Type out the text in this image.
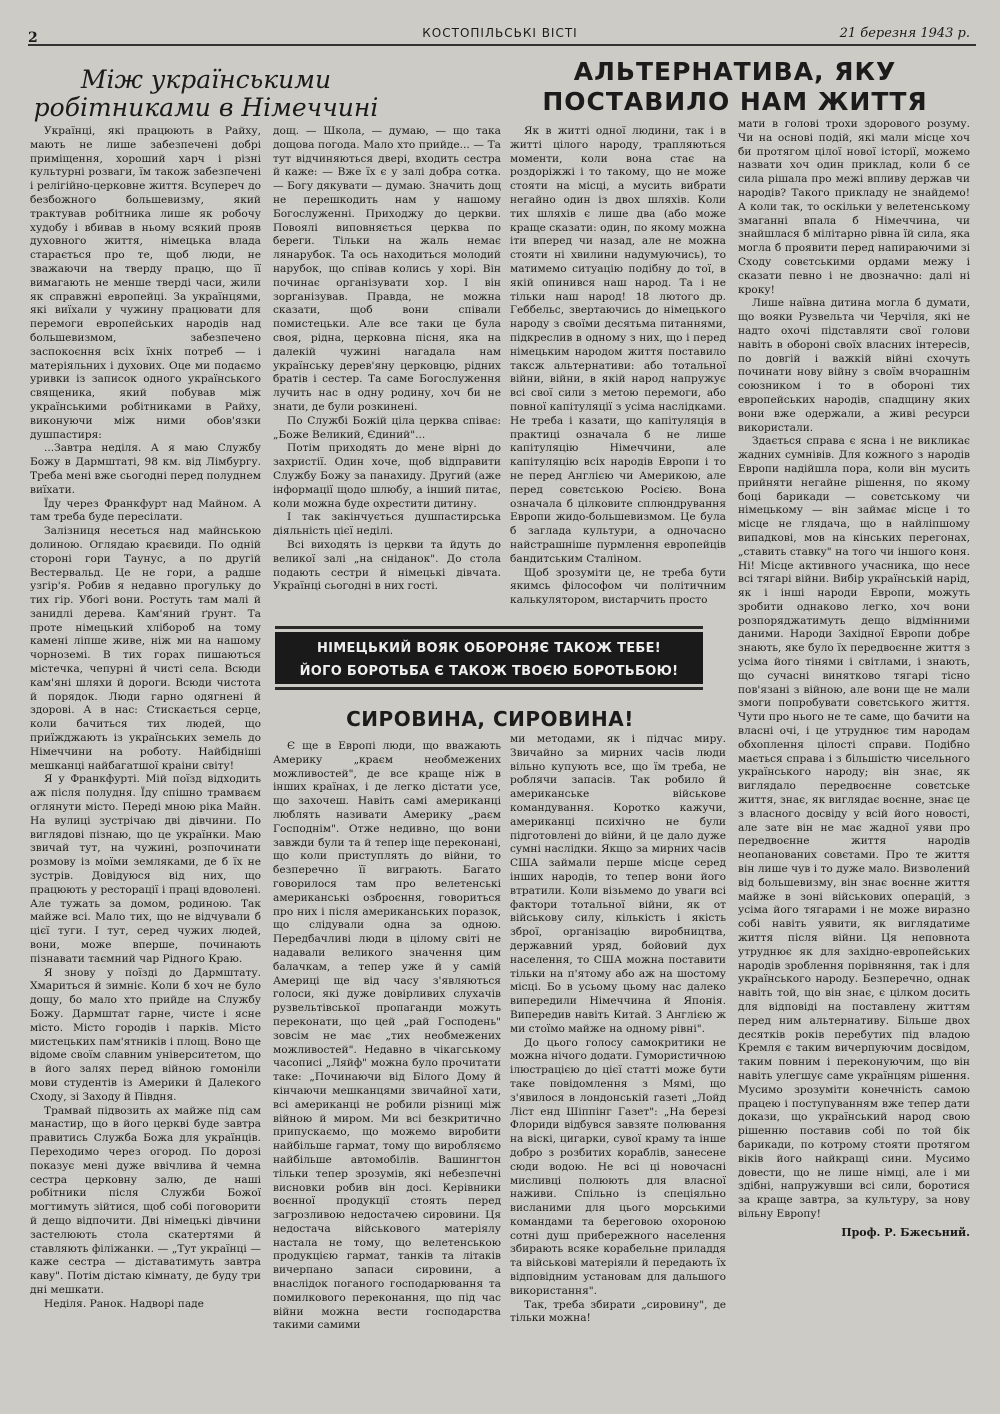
2	КОСТОПІЛЬСЬКІ ВІСТІ	21 березня 1943 р.
Між українськими робітниками в Німеччині
АЛЬТЕРНАТИВА, ЯКУ ПОСТАВИЛО НАМ ЖИТТЯ

Українці, які працюють в Райху, мають не лише забезпечені добрі приміщення, хороший харч і різні культурні розваги, їм також забезпечені і релігійно-церковне життя. Всупереч до безбожного большевизму, який трактував робітника лише як робочу худобу і вбивав в ньому всякий прояв духовного життя, німецька влада старається про те, щоб люди, не зважаючи на тверду працю, що її вимагають не менше тверді часи, жили як справжні европейці. За українцями, які виїхали у чужину працювати для перемоги европейських народів над большевизмом, забезпечено заспокоєння всіх їхніх потреб — і матеріяльних і духових. Оце ми подаємо уривки із записок одного українського священика, який побував між українськими робітниками в Райху, виконуючи між ними обов'язки душпастиря:

...Завтра неділя. А я маю Службу Божу в Дармштаті, 98 км. від Лімбургу. Треба мені вже сьогодні перед полуднем виїхати.

Їду через Франкфурт над Майном. А там треба буде пересілати.

Залізниця несеться над майнською долиною. Оглядаю краєвиди. По одній стороні гори Таунус, а по другій Вестервальд. Це не гори, а радше узгір'я. Робив я недавно прогульку до тих гір. Убогі вони. Ростуть там малі й занидлі дерева. Кам'яний ґрунт. Та проте німецький хлібороб на тому камені ліпше живе, ніж ми на нашому чорноземі. В тих горах пишаються містечка, чепурні й чисті села. Всюди кам'яні шляхи й дороги. Всюди чистота й порядок. Люди гарно одягнені й здорові. А в нас: Стискається серце, коли бачиться тих людей, що приїжджають із українських земель до Німеччини на роботу. Найбідніші мешканці найбагатшої краіни світу!

Я у Франкфурті. Мій поїзд відходить аж після полудня. Їду спішно трамваєм оглянути місто. Переді мною ріка Майн. На вулиці зустрічаю дві дівчини. По виглядові пізнаю, що це українки. Маю звичай тут, на чужині, розпочинати розмову із моїми земляками, де б їх не зустрів. Довідуюся від них, що працюють у ресторації і праці вдоволені. Але тужать за домом, родиною. Так майже всі. Мало тих, що не відчували б цієї туги. І тут, серед чужих людей, вони, може вперше, починають пізнавати таємний чар Рідного Краю.

Я знову у поїзді до Дармштату. Хмариться й зимніє. Коли б хоч не було дощу, бо мало хто прийде на Службу Божу. Дармштат гарне, чисте і ясне місто. Місто городів і парків. Місто мистецьких пам'ятників і площ. Воно ще відоме своїм славним університетом, що в його залях перед війною гомоніли мови студентів із Америки й Далекого Сходу, зі Заходу й Півдня.

Трамвай підвозить ах майже під сам манастир, що в його церкві буде завтра правитись Служба Божа для українців. Переходимо через огород. По дорозі показує мені дуже ввічлива й чемна сестра церковну залю, де наші робітники після Служби Божої могтимуть зійтися, щоб собі поговорити й дещо відпочити. Дві німецькі дівчини застелюють стола скатертями й ставляють філіжанки. — „Тут українці — каже сестра — діставатимуть завтра каву". Потім дістаю кімнату, де буду три дні мешкати.

Неділя. Ранок. Надворі паде

дощ. — Школа, — думаю, — що така дощова погода. Мало хто прийде... — Та тут відчиняються двері, входить сестра й каже: — Вже їх є у залі добра сотка. — Богу дякувати — думаю. Значить дощ не перешкодить нам у нашому Богослуженні. Приходжу до церкви. Повоялі виповняється церква по береги. Тільки на жаль немає лянарубок. Та ось находиться молодий нарубок, що співав колись у хорі. Він починає організувати хор. І він зорганізував. Правда, не можна сказати, щоб вони співали помистецьки. Але все таки це була своя, рідна, церковна пісня, яка на далекій чужині нагадала нам українську дерев'яну церковцю, рідних братів і сестер. Та саме Богослуження лучить нас в одну родину, хоч би не знати, де були розкинені.

По Службі Божій ціла церква співає: „Боже Великий, Єдиний"...

Потім приходять до мене вірні до захристії. Один хоче, щоб відправити Службу Божу за панахиду. Другий (аже інформації щодо шлюбу, а інший питає, коли можна буде охрестити дитину.

І так закінчується душпастирська діяльність цієї неділі.

Всі виходять із церкви та йдуть до великої залі „на сніданок". До стола подають сестри й німецькі дівчата. Українці сьогодні в них гості.

Як в житті одної людини, так і в житті цілого народу, трапляються моменти, коли вона стає на роздоріжжі і то такому, що не може стояти на місці, а мусить вибрати негайно один із двох шляхів. Коли тих шляхів є лише два (або може краще сказати: один, по якому можна іти вперед чи назад, але не можна стояти ні хвилини надумуючись), то матимемо ситуацію подібну до тої, в якій опинився наш народ. Та і не тільки наш народ! 18 лютого др. Геббельс, звертаючись до німецького народу з своїми десятьма питаннями, підкреслив в одному з них, що і перед німецьким народом життя поставило таксж альтернативи: або тотальної війни, війни, в якій народ напружує всі свої сили з метою перемоги, або повної капітуляції з усіма наслідками. Не треба і казати, що капітуляція в практиці означала б не лише капітуляцію Німеччини, але капітуляцію всіх народів Европи і то не перед Англією чи Америкою, але перед совєтською Росією. Вона означала б цілковите сплюндрування Европи жидо-большевизмом. Це була б заглада культури, а одночасно найстрашніше пурмлення европейців бандитським Сталіном.

Щоб зрозуміти це, не треба бути якимсь філософом чи політичним калькулятором, вистарчить просто

мати в голові трохи здорового розуму. Чи на основі подій, які мали місце хоч би протягом цілої нової історії, можемо назвати хоч один приклад, коли б се сила рішала про межі впливу держав чи народів? Такого прикладу не знайдемо! А коли так, то оскільки у велетенському змаганні впала б Німеччина, чи знайшлася б мілітарно рівна їй сила, яка могла б проявити перед напираючими зі Сходу совєтськими ордами межу і сказати певно і не двозначно: далі ні кроку!

Лише наївна дитина могла б думати, що вояки Рузвельта чи Черчіля, які не надто охочі підставляти свої голови навіть в обороні своїх власних інтересів, по довгій і важкій війні схочуть починати нову війну з своїм вчорашнім союзником і то в обороні тих европейських народів, спадщину яких вони вже одержали, а живі ресурси використали.

Здається справа є ясна і не викликає жадних сумнівів. Для кожного з народів Европи надійшла пора, коли він мусить прийняти негайне рішення, по якому боці барикади — совєтському чи німецькому — він займає місце і то місце не глядача, що в найліпшому випадкові, мов на кінських перегонах, „ставить ставку" на того чи іншого коня. Ні! Місце активного учасника, що несе всі тягарі війни. Вибір українській нарід, як і інші народи Европи, можуть зробити однаково легко, хоч вони розпоряджатимуть дещо відмінними даними. Народи Західної Европи добре знають, яке було їх передвоєнне життя з усіма його тінями і світлами, і знають, що сучасні винятково тягарі тісно пов'язані з війною, але вони ще не мали змоги попробувати совєтського життя. Чути про нього не те саме, що бачити на власні очі, і це утруднює тим народам обхоплення цілості справи. Подібно мається справа і з більшістю чисельного українського народу; він знає, як виглядало передвоєнне совєтське життя, знає, як виглядає воєнне, знає це з власного досвіду у всій його новості, але зате він не має жадної уяви про передвоєнне життя народів неопанованих совєтами. Про те життя він лише чув і то дуже мало. Визволений від большевизму, він знає воєнне життя майже в зоні військових операцій, з усіма його тягарами і не може виразно собі навіть уявити, як виглядатиме життя після війни. Ця неповнота утруднює як для західно-европейських народів зроблення порівняння, так і для українського народу. Безперечно, однак навіть той, що він знає, є цілком досить для відповіді на поставлену життям перед ним альтернативу. Більше двох десятків років перебутих під владою Кремля є таким вичерпуючим досвідом, таким повним і переконуючим, що він навіть улегшує саме українцям рішення. Мусимо зрозуміти конечність самою працею і поступуванням вже тепер дати докази, що український народ свою рішенню поставив собі по той бік барикади, по котрому стояти протягом віків його найкращі сини. Мусимо довести, що не лише німці, але і ми здібні, напружувши всі сили, боротися за краще завтра, за культуру, за нову вільну Европу!

Проф. Р. Бжесьний.
НІМЕЦЬКИЙ ВОЯК ОБОРОНЯЄ ТАКОЖ ТЕБЕ!
ЙОГО БОРОТЬБА Є ТАКОЖ ТВОЄЮ БОРОТЬБОЮ!
СИРОВИНА, СИРОВИНА!

Є ще в Европі люди, що вважають Америку „краєм необмежених можливостей", де все краще ніж в інших країнах, і де легко дістати усе, що захочеш. Навіть самі американці люблять називати Америку „раєм Господнім". Отже недивно, що вони завжди були та й тепер іще переконані, що коли приступлять до війни, то безперечно її виграють. Багато говорилося там про велетенські американські озброєння, говориться про них і після американських поразок, що слідували одна за одною. Передбачливі люди в цілому світі не надавали великого значення цим балачкам, а тепер уже й у самій Америці ще від часу з'являються голоси, які дуже довірливих слухачів рузвельтівської пропаганди можуть переконати, що цей „рай Господень" зовсім не має „тих необмежених можливостей". Недавно в чікагському часописі „Ляйф" можна було прочитати таке: „Починаючи від Білого Дому й кінчаючи мешканцями звичайної хати, всі американці не робили різниці між війною й миром. Ми всі безкритично припускаємо, що можемо виробити найбільше гармат, тому що виробляємо найбільше автомобілів. Вашингтон тільки тепер зрозумів, які небезпечні висновки робив він досі. Керівники воєнної продукції стоять перед загрозливою недостачею сировини. Ця недостача військового матеріялу настала не тому, що велетенською продукцією гармат, танків та літаків вичерпано запаси сировини, а внаслідок поганого господарювання та помилкового переконання, що під час війни можна вести господарства такими самими

ми методами, як і підчас миру. Звичайно за мирних часів люди вільно купують все, що їм треба, не роблячи запасів. Так робило й американське військове командування. Коротко кажучи, американці психічно не були підготовлені до війни, й це дало дуже сумні наслідки. Якщо за мирних часів США займали перше місце серед інших народів, то тепер вони його втратили. Коли візьмемо до уваги всі фактори тотальної війни, як от військову силу, кількість і якість зброї, організацію виробництва, державний уряд, бойовий дух населення, то США можна поставити тільки на п'ятому або аж на шостому місці. Бо в усьому цьому нас далеко випередили Німеччина й Японія. Випередив навіть Китай. З Англією ж ми стоїмо майже на одному рівні".

До цього голосу самокритики не можна нічого додати. Гумористичною ілюстрацією до цієї статті може бути таке повідомлення з Мямі, що з'явилося в лондонській газеті „Лойд Ліст енд Шіппінг Газет": „На березі Флориди відбувся завзяте полювання на віскі, цигарки, сувої краму та інше добро з розбитих кораблів, занесене сюди водою. Не всі ці новочасні мисливці полюють для власної наживи. Спільно із спеціяльно висланими для цього морськими командами та береговою охороною сотні душ прибережного населення збирають всяке корабельне приладдя та військові матеріяли й передають їх відповідним установам для дальшого використання".

Так, треба збирати „сировину", де тільки можна!
